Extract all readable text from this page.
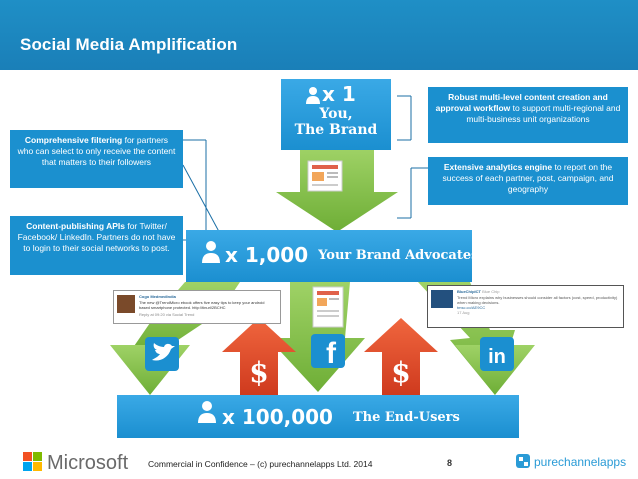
Social Media Amplification
$	$
f	in
x 1
You,
The Brand
x 1,000 Your Brand Advocates
x 100,000 The End-Users
Comprehensive filtering for partners who can select to only receive the content that matters to their followers
Content-publishing APIs for Twitter/ Facebook/ LinkedIn. Partners do not have to login to their social networks to post.
Robust multi-level content creation and approval workflow to support multi-regional and multi-business unit organizations
Extensive analytics engine to report on the success of each partner, post, campaign, and geography
Cogo MedmedIndia
The new @TrendMicro ebook offers five easy tips to keep your android based smartphone protected. http://tinurl/2BCHC
Reply at 09:20 via Social Trend
BlueChipICT Blue Chip
Trend Micro explains why businesses should consider all factors (cost, speed, productivity) when making decisions.
tmsc.co/AE9CC
17 Aug
Microsoft Commercial in Confidence – (c) purechannelapps Ltd. 2014	8	purechannelapps
